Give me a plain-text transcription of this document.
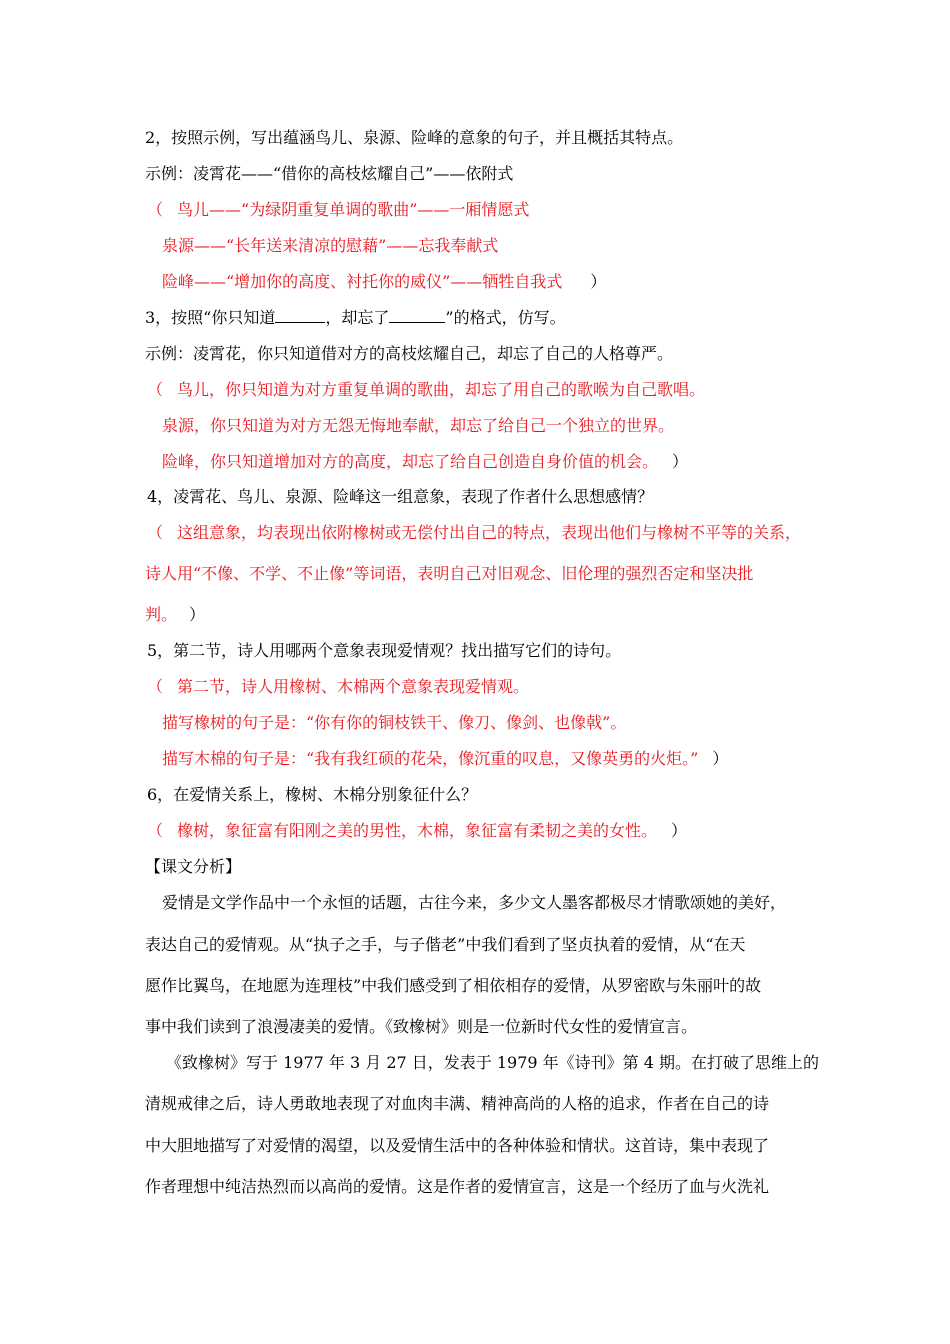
2，按照示例，写出蕴涵鸟儿、泉源、险峰的意象的句子，并且概括其特点。
示例：凌霄花——“借你的高枝炫耀自己”——依附式
（ 鸟儿——“为绿阴重复单调的歌曲”——一厢情愿式
泉源——“长年送来清凉的慰藉”——忘我奉献式
险峰——“增加你的高度、衬托你的威仪”——牺牲自我式 ）
3，按照“你只知道	，却忘了	”的格式，仿写。
示例：凌霄花，你只知道借对方的高枝炫耀自己，却忘了自己的人格尊严。
（ 鸟儿，你只知道为对方重复单调的歌曲，却忘了用自己的歌喉为自己歌唱。
泉源，你只知道为对方无怨无悔地奉献，却忘了给自己一个独立的世界。
险峰，你只知道增加对方的高度，却忘了给自己创造自身价值的机会。 ）
4，凌霄花、鸟儿、泉源、险峰这一组意象，表现了作者什么思想感情？
（ 这组意象，均表现出依附橡树或无偿付出自己的特点，表现出他们与橡树不平等的关系，
诗人用“不像、不学、不止像”等词语，表明自己对旧观念、旧伦理的强烈否定和坚决批
判。 ）
5，第二节，诗人用哪两个意象表现爱情观？找出描写它们的诗句。
（ 第二节，诗人用橡树、木棉两个意象表现爱情观。
描写橡树的句子是：“你有你的铜枝铁干、像刀、像剑、也像戟”。
描写木棉的句子是：“我有我红硕的花朵，像沉重的叹息，又像英勇的火炬。” ）
6，在爱情关系上，橡树、木棉分别象征什么？
（ 橡树，象征富有阳刚之美的男性，木棉，象征富有柔韧之美的女性。 ）
【课文分析】
爱情是文学作品中一个永恒的话题，古往今来，多少文人墨客都极尽才情歌颂她的美好，
表达自己的爱情观。从“执子之手，与子偕老”中我们看到了坚贞执着的爱情，从“在天
愿作比翼鸟，在地愿为连理枝”中我们感受到了相依相存的爱情，从罗密欧与朱丽叶的故
事中我们读到了浪漫凄美的爱情。《致橡树》则是一位新时代女性的爱情宣言。
《致橡树》写于 1977 年 3 月 27 日，发表于 1979 年《诗刊》第 4 期。在打破了思维上的
清规戒律之后，诗人勇敢地表现了对血肉丰满、精神高尚的人格的追求，作者在自己的诗
中大胆地描写了对爱情的渴望，以及爱情生活中的各种体验和情状。这首诗，集中表现了
作者理想中纯洁热烈而以高尚的爱情。这是作者的爱情宣言，这是一个经历了血与火洗礼
